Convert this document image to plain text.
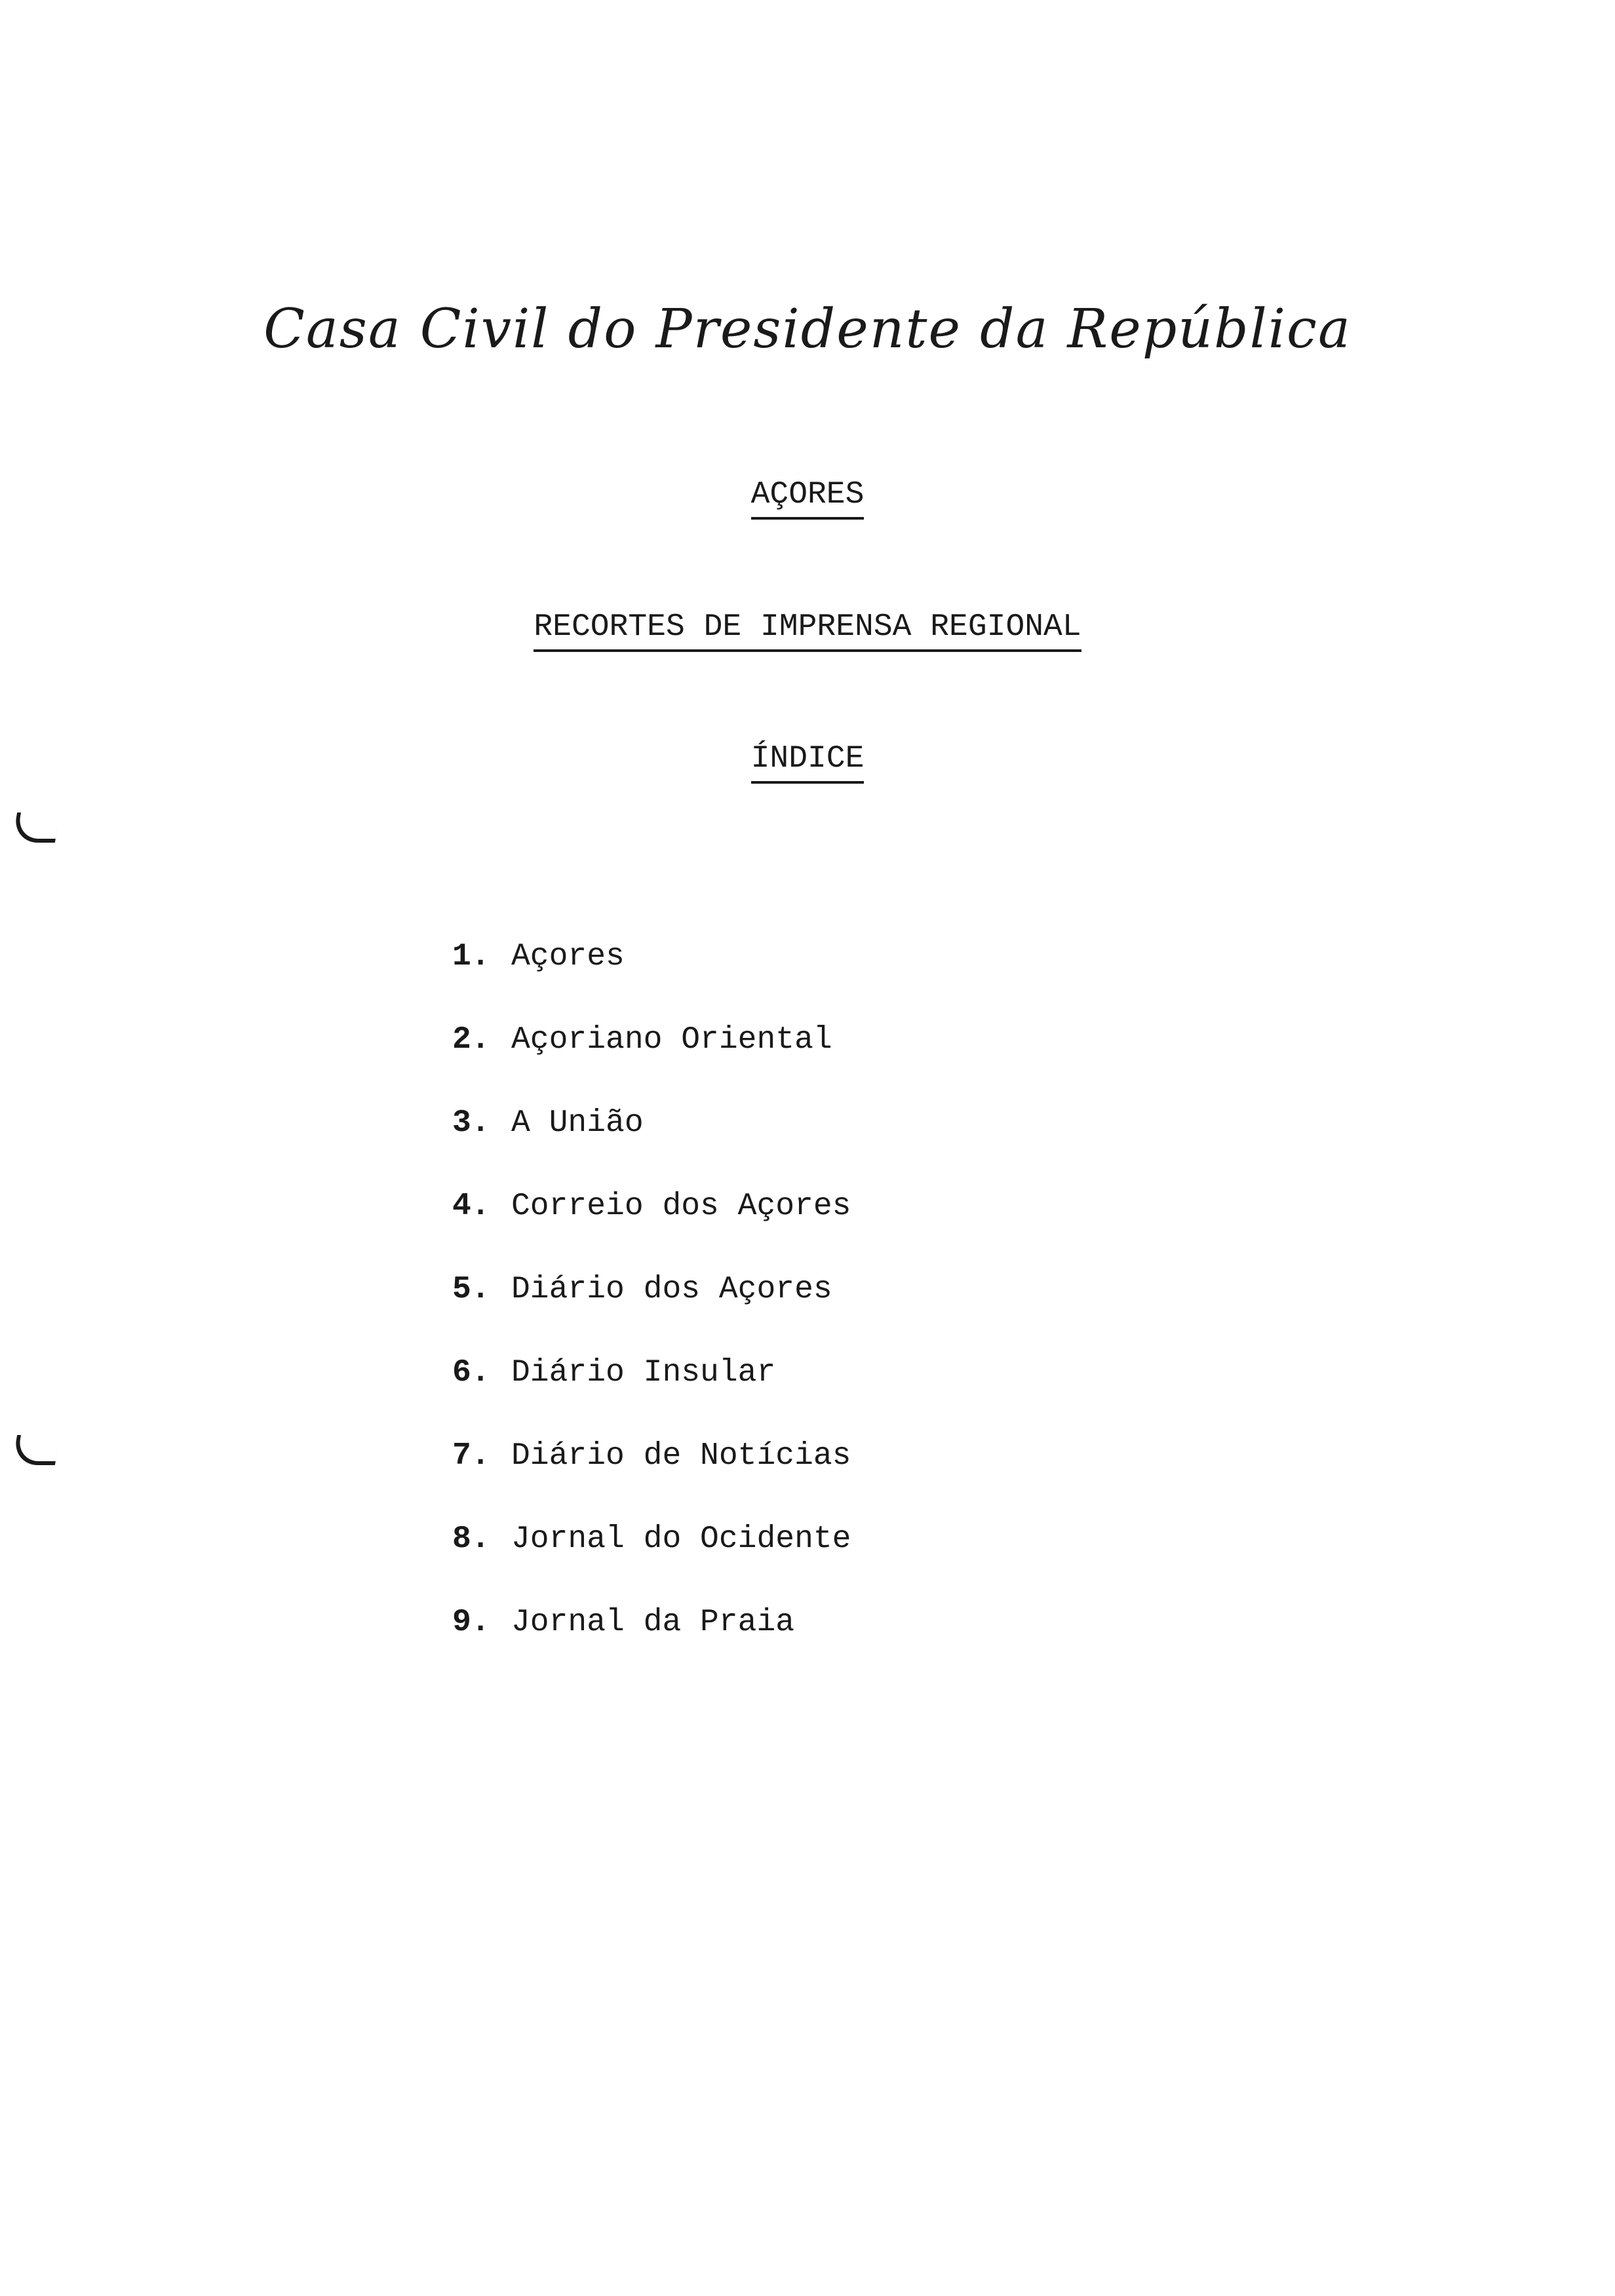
Casa Civil do Presidente da República
AÇORES
RECORTES DE IMPRENSA REGIONAL
ÍNDICE
1. Açores
2. Açoriano Oriental
3. A União
4. Correio dos Açores
5. Diário dos Açores
6. Diário Insular
7. Diário de Notícias
8. Jornal do Ocidente
9. Jornal da Praia
